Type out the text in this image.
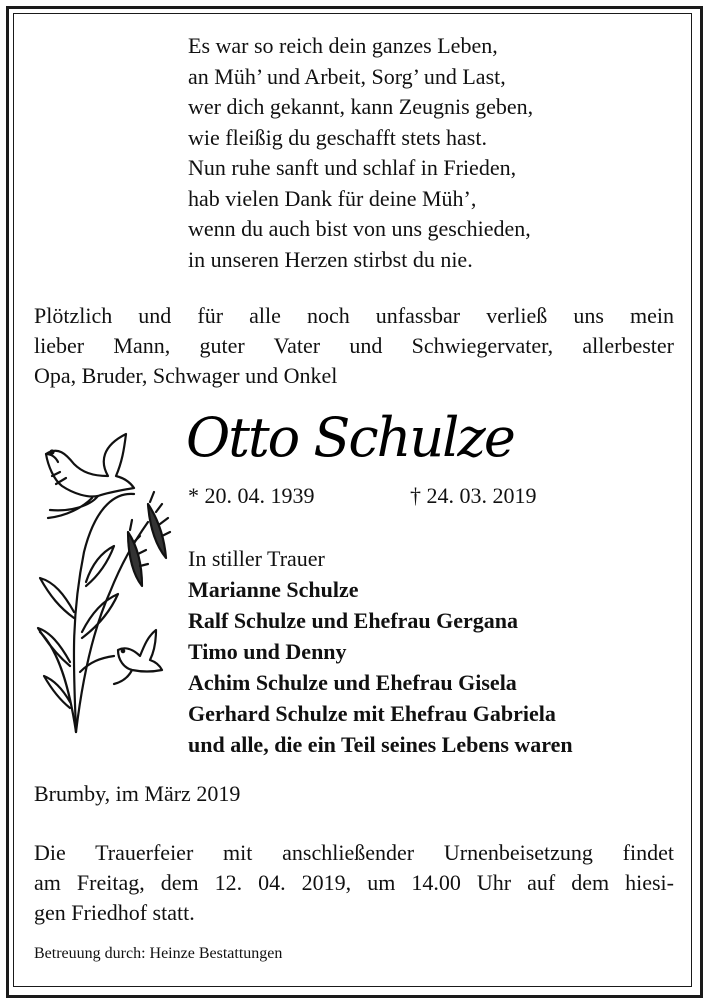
Es war so reich dein ganzes Leben,
an Müh’ und Arbeit, Sorg’ und Last,
wer dich gekannt, kann Zeugnis geben,
wie fleißig du geschafft stets hast.
Nun ruhe sanft und schlaf in Frieden,
hab vielen Dank für deine Müh’,
wenn du auch bist von uns geschieden,
in unseren Herzen stirbst du nie.
Plötzlich und für alle noch unfassbar verließ uns mein
lieber Mann, guter Vater und Schwiegervater, allerbester
Opa, Bruder, Schwager und Onkel
Otto Schulze
* 20. 04. 1939	† 24. 03. 2019
In stiller Trauer
Marianne Schulze
Ralf Schulze und Ehefrau Gergana
Timo und Denny
Achim Schulze und Ehefrau Gisela
Gerhard Schulze mit Ehefrau Gabriela
und alle, die ein Teil seines Lebens waren
Brumby, im März 2019
Die Trauerfeier mit anschließender Urnenbeisetzung findet
am Freitag, dem 12. 04. 2019, um 14.00 Uhr auf dem hiesi-
gen Friedhof statt.
Betreuung durch: Heinze Bestattungen
